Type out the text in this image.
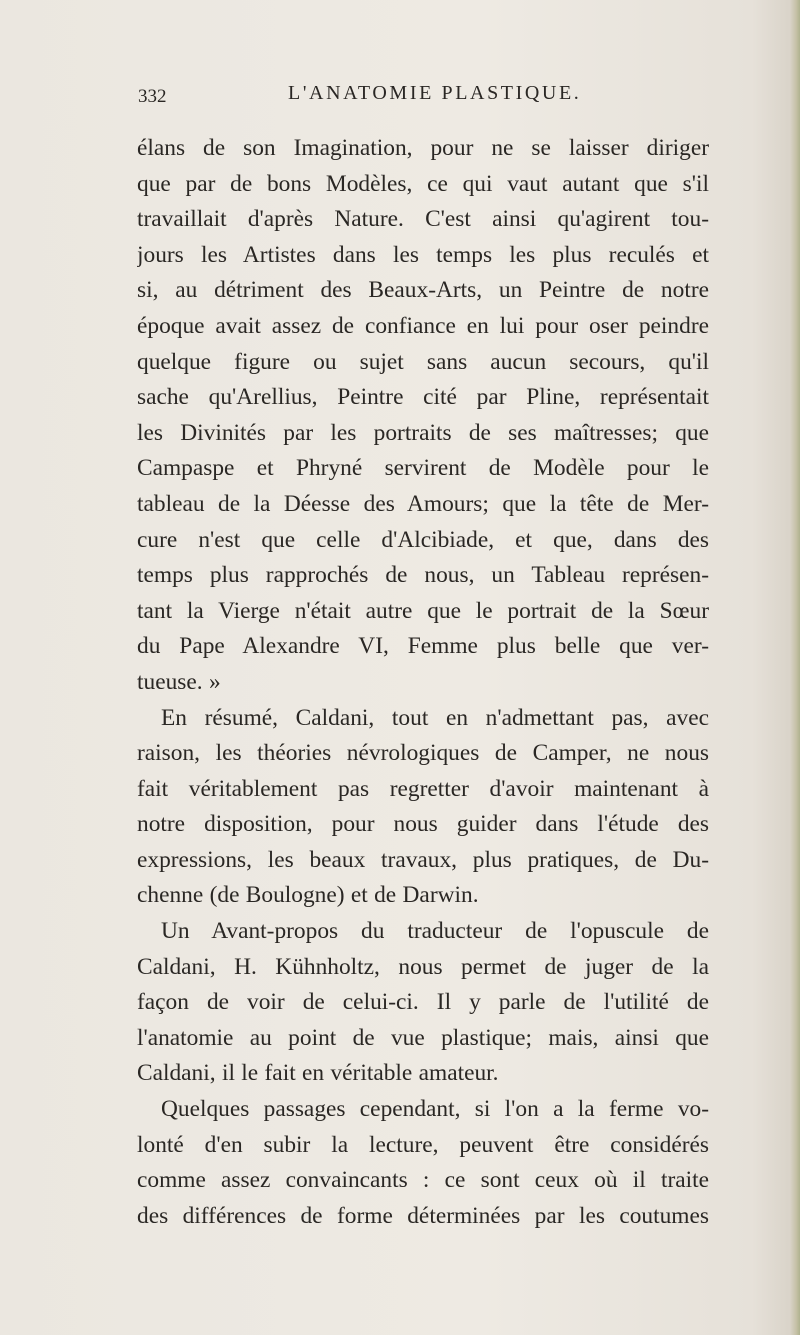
332	L'ANATOMIE PLASTIQUE.
élans de son Imagination, pour ne se laisser diriger
que par de bons Modèles, ce qui vaut autant que s'il
travaillait d'après Nature. C'est ainsi qu'agirent tou-
jours les Artistes dans les temps les plus reculés et
si, au détriment des Beaux-Arts, un Peintre de notre
époque avait assez de confiance en lui pour oser peindre
quelque figure ou sujet sans aucun secours, qu'il
sache qu'Arellius, Peintre cité par Pline, représentait
les Divinités par les portraits de ses maîtresses; que
Campaspe et Phryné servirent de Modèle pour le
tableau de la Déesse des Amours; que la tête de Mer-
cure n'est que celle d'Alcibiade, et que, dans des
temps plus rapprochés de nous, un Tableau représen-
tant la Vierge n'était autre que le portrait de la Sœur
du Pape Alexandre VI, Femme plus belle que ver-
tueuse. »
En résumé, Caldani, tout en n'admettant pas, avec
raison, les théories névrologiques de Camper, ne nous
fait véritablement pas regretter d'avoir maintenant à
notre disposition, pour nous guider dans l'étude des
expressions, les beaux travaux, plus pratiques, de Du-
chenne (de Boulogne) et de Darwin.
Un Avant-propos du traducteur de l'opuscule de
Caldani, H. Kühnholtz, nous permet de juger de la
façon de voir de celui-ci. Il y parle de l'utilité de
l'anatomie au point de vue plastique; mais, ainsi que
Caldani, il le fait en véritable amateur.
Quelques passages cependant, si l'on a la ferme vo-
lonté d'en subir la lecture, peuvent être considérés
comme assez convaincants : ce sont ceux où il traite
des différences de forme déterminées par les coutumes
